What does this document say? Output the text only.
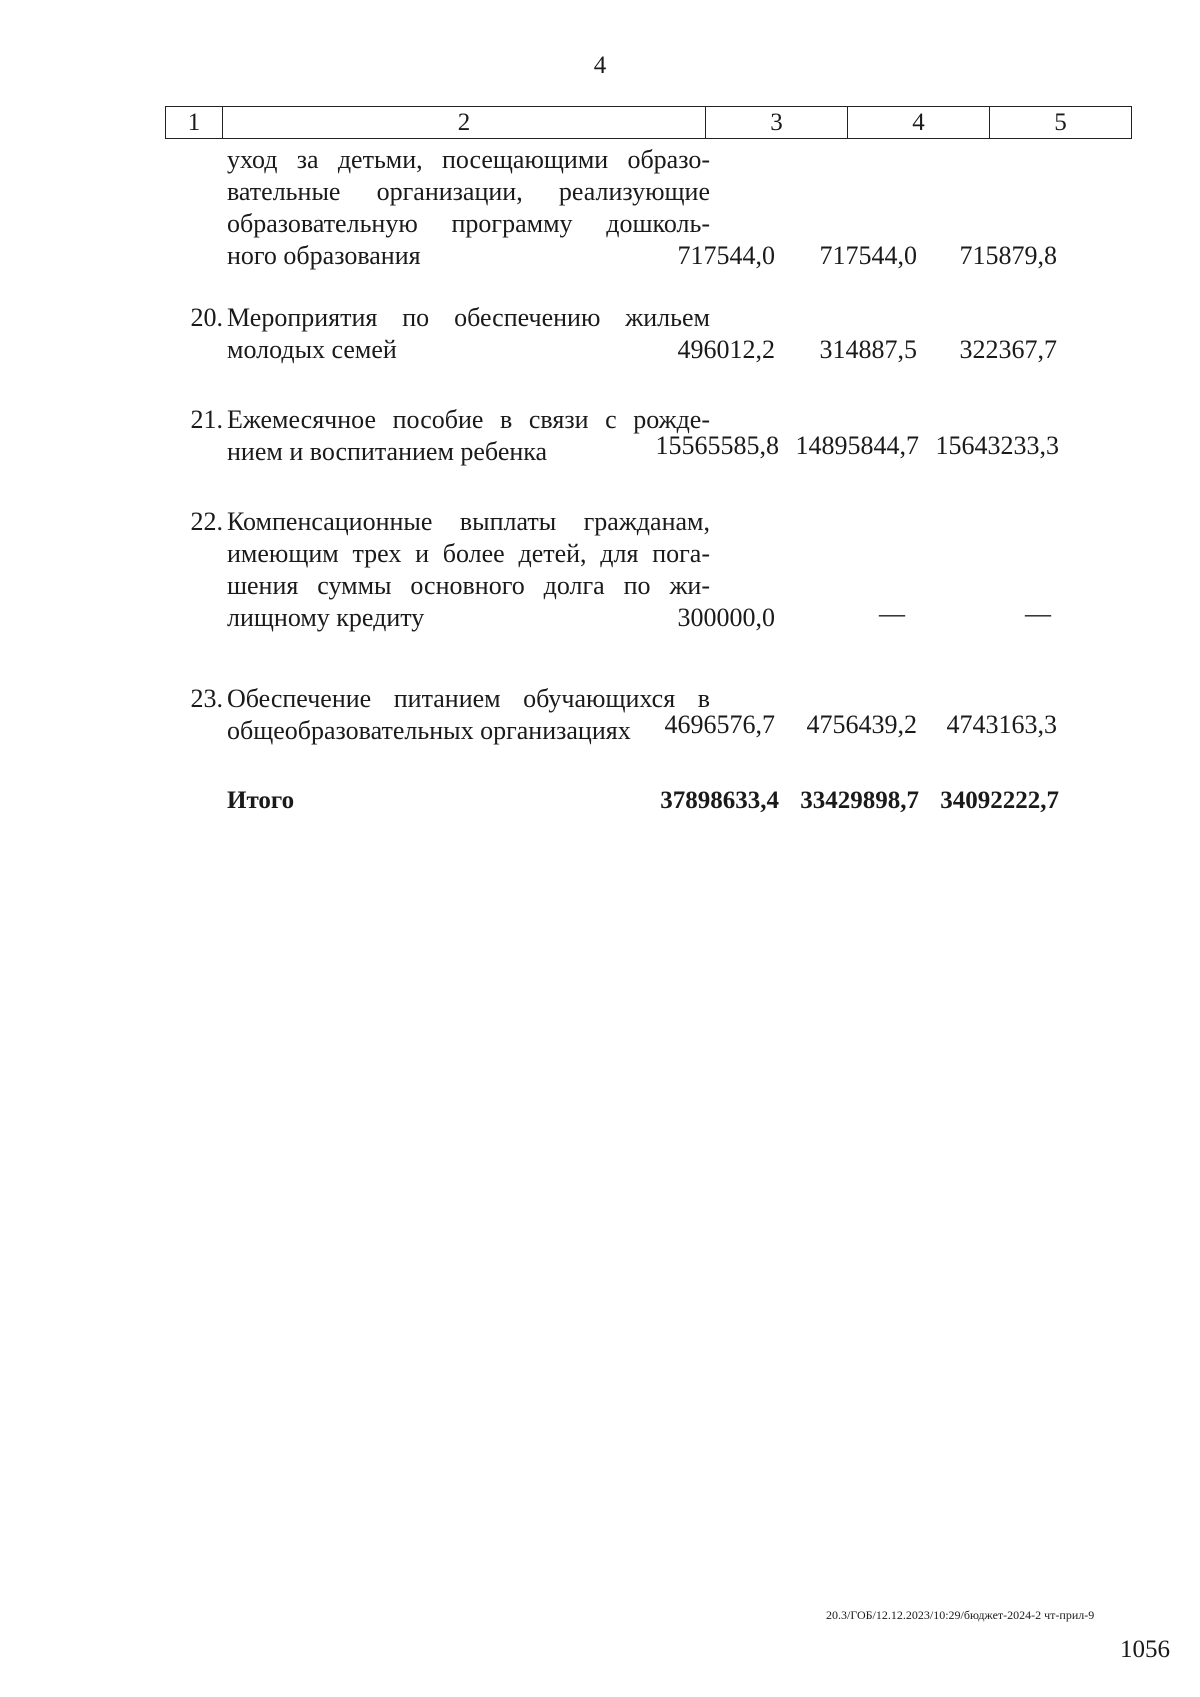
4
1	2	3	4	5
уход за детьми, посещающими образо-
вательные организации, реализующие
образовательную программу дошколь-
ного образования	717544,0 717544,0 715879,8
20. Мероприятия по обеспечению жильем
молодых семей	496012,2 314887,5 322367,7
21. Ежемесячное пособие в связи с рожде-
нием и воспитанием ребенка	15565585,8 14895844,7 15643233,3
22. Компенсационные выплаты гражданам,
имеющим трех и более детей, для пога-
шения суммы основного долга по жи-
лищному кредиту	300000,0	—	—
23. Обеспечение питанием обучающихся в
общеобразовательных организациях	4696576,7 4756439,2 4743163,3
Итого	37898633,4 33429898,7 34092222,7
20.3/ГОБ/12.12.2023/10:29/бюджет-2024-2 чт-прил-9
1056
